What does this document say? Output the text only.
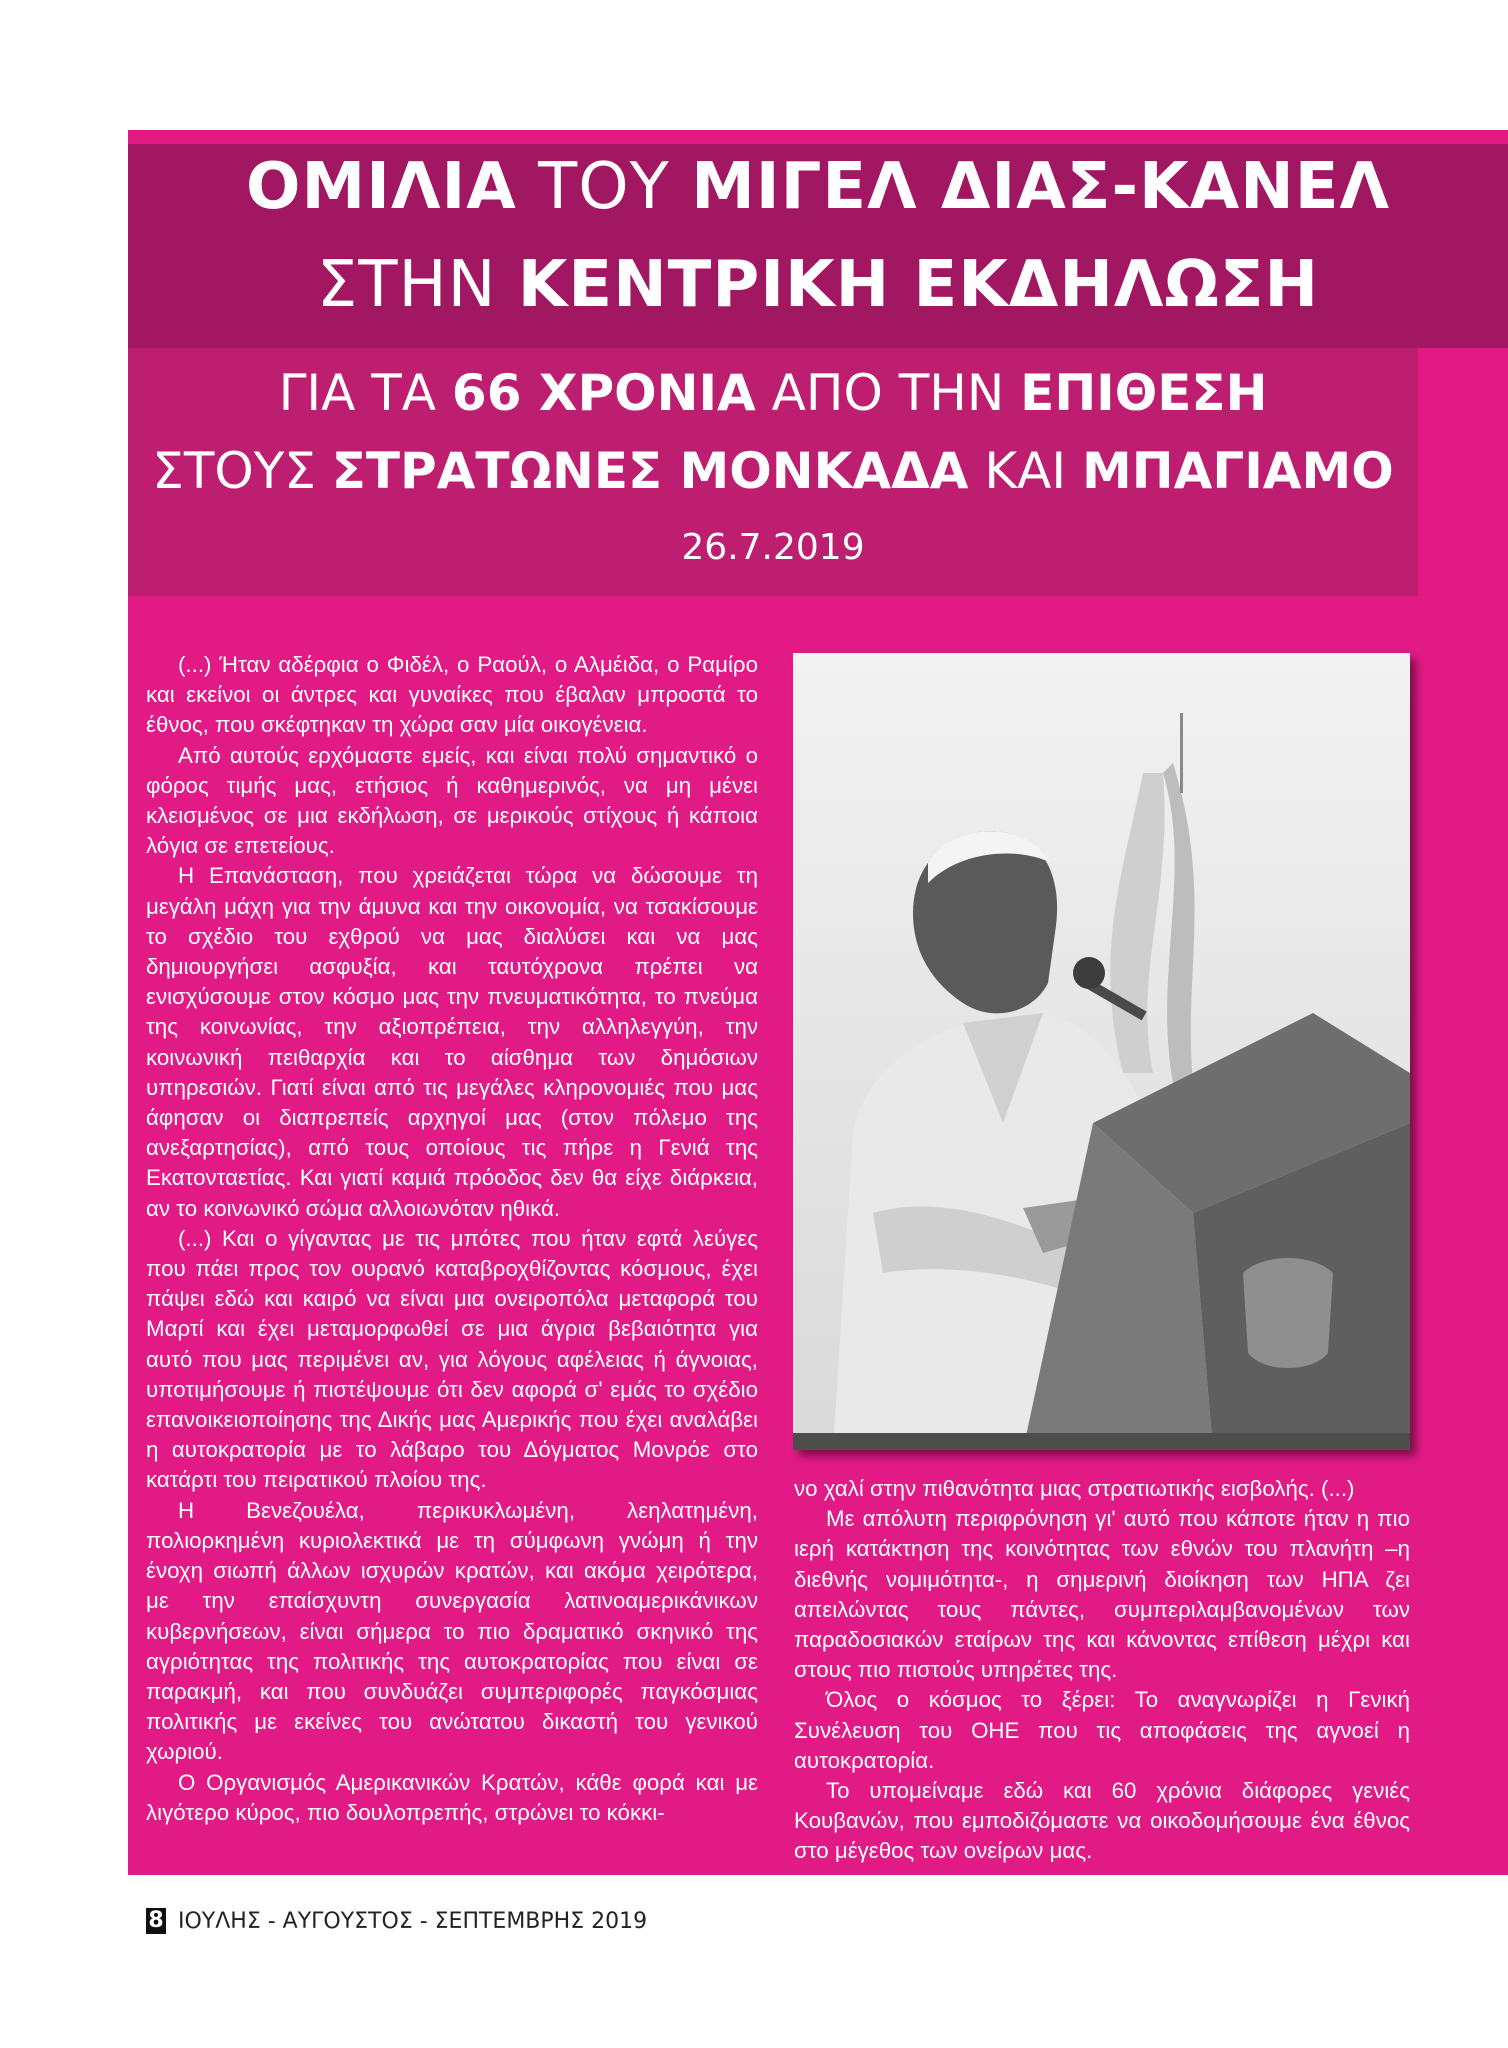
ΟΜΙΛΙΑ ΤΟΥ ΜΙΓΕΛ ΔΙΑΣ-ΚΑΝΕΛ
ΣΤΗΝ ΚΕΝΤΡΙΚΗ ΕΚΔΗΛΩΣΗ
ΓΙΑ ΤΑ 66 ΧΡΟΝΙΑ ΑΠΟ ΤΗΝ ΕΠΙΘΕΣΗ
ΣΤΟΥΣ ΣΤΡΑΤΩΝΕΣ ΜΟΝΚΑΔΑ ΚΑΙ ΜΠΑΓΙΑΜΟ
26.7.2019

(...) Ήταν αδέρφια ο Φιδέλ, ο Ραούλ, ο Αλμέιδα, ο Ραμίρο και εκείνοι οι άντρες και γυναίκες που έβαλαν μπροστά το έθνος, που σκέφτηκαν τη χώρα σαν μία οικογένεια.

Από αυτούς ερχόμαστε εμείς, και είναι πολύ σημαντικό ο φόρος τιμής μας, ετήσιος ή καθημερινός, να μη μένει κλεισμένος σε μια εκδήλωση, σε μερικούς στίχους ή κάποια λόγια σε επετείους.

Η Επανάσταση, που χρειάζεται τώρα να δώσουμε τη μεγάλη μάχη για την άμυνα και την οικονομία, να τσακίσουμε το σχέδιο του εχθρού να μας διαλύσει και να μας δημιουργήσει ασφυξία, και ταυτόχρονα πρέπει να ενισχύσουμε στον κόσμο μας την πνευματικότητα, το πνεύμα της κοινωνίας, την αξιοπρέπεια, την αλληλεγγύη, την κοινωνική πειθαρχία και το αίσθημα των δημόσιων υπηρεσιών. Γιατί είναι από τις μεγάλες κληρονομιές που μας άφησαν οι διαπρεπείς αρχηγοί μας (στον πόλεμο της ανεξαρτησίας), από τους οποίους τις πήρε η Γενιά της Εκατονταετίας. Και γιατί καμιά πρόοδος δεν θα είχε διάρκεια, αν το κοινωνικό σώμα αλλοιωνόταν ηθικά.

(...) Και ο γίγαντας με τις μπότες που ήταν εφτά λεύγες που πάει προς τον ουρανό καταβροχθίζοντας κόσμους, έχει πάψει εδώ και καιρό να είναι μια ονειροπόλα μεταφορά του Μαρτί και έχει μεταμορφωθεί σε μια άγρια βεβαιότητα για αυτό που μας περιμένει αν, για λόγους αφέλειας ή άγνοιας, υποτιμήσουμε ή πιστέψουμε ότι δεν αφορά σ' εμάς το σχέδιο επανοικειοποίησης της Δικής μας Αμερικής που έχει αναλάβει η αυτοκρατορία με το λάβαρο του Δόγματος Μονρόε στο κατάρτι του πειρατικού πλοίου της.

Η Βενεζουέλα, περικυκλωμένη, λεηλατημένη, πολιορκημένη κυριολεκτικά με τη σύμφωνη γνώμη ή την ένοχη σιωπή άλλων ισχυρών κρατών, και ακόμα χειρότερα, με την επαίσχυντη συνεργασία λατινοαμερικάνικων κυβερνήσεων, είναι σήμερα το πιο δραματικό σκηνικό της αγριότητας της πολιτικής της αυτοκρατορίας που είναι σε παρακμή, και που συνδυάζει συμπεριφορές παγκόσμιας πολιτικής με εκείνες του ανώτατου δικαστή του γενικού χωριού.

Ο Οργανισμός Αμερικανικών Κρατών, κάθε φορά και με λιγότερο κύρος, πιο δουλοπρεπής, στρώνει το κόκκι-

νο χαλί στην πιθανότητα μιας στρατιωτικής εισβολής. (...)

Με απόλυτη περιφρόνηση γι' αυτό που κάποτε ήταν η πιο ιερή κατάκτηση της κοινότητας των εθνών του πλανήτη –η διεθνής νομιμότητα-, η σημερινή διοίκηση των ΗΠΑ ζει απειλώντας τους πάντες, συμπεριλαμβανομένων των παραδοσιακών εταίρων της και κάνοντας επίθεση μέχρι και στους πιο πιστούς υπηρέτες της.

Όλος ο κόσμος το ξέρει: Το αναγνωρίζει η Γενική Συνέλευση του ΟΗΕ που τις αποφάσεις της αγνοεί η αυτοκρατορία.

Το υπομείναμε εδώ και 60 χρόνια διάφορες γενιές Κουβανών, που εμποδιζόμαστε να οικοδομήσουμε ένα έθνος στο μέγεθος των ονείρων μας.

8 ΙΟΥΛΗΣ - ΑΥΓΟΥΣΤΟΣ - ΣΕΠΤΕΜΒΡΗΣ 2019
